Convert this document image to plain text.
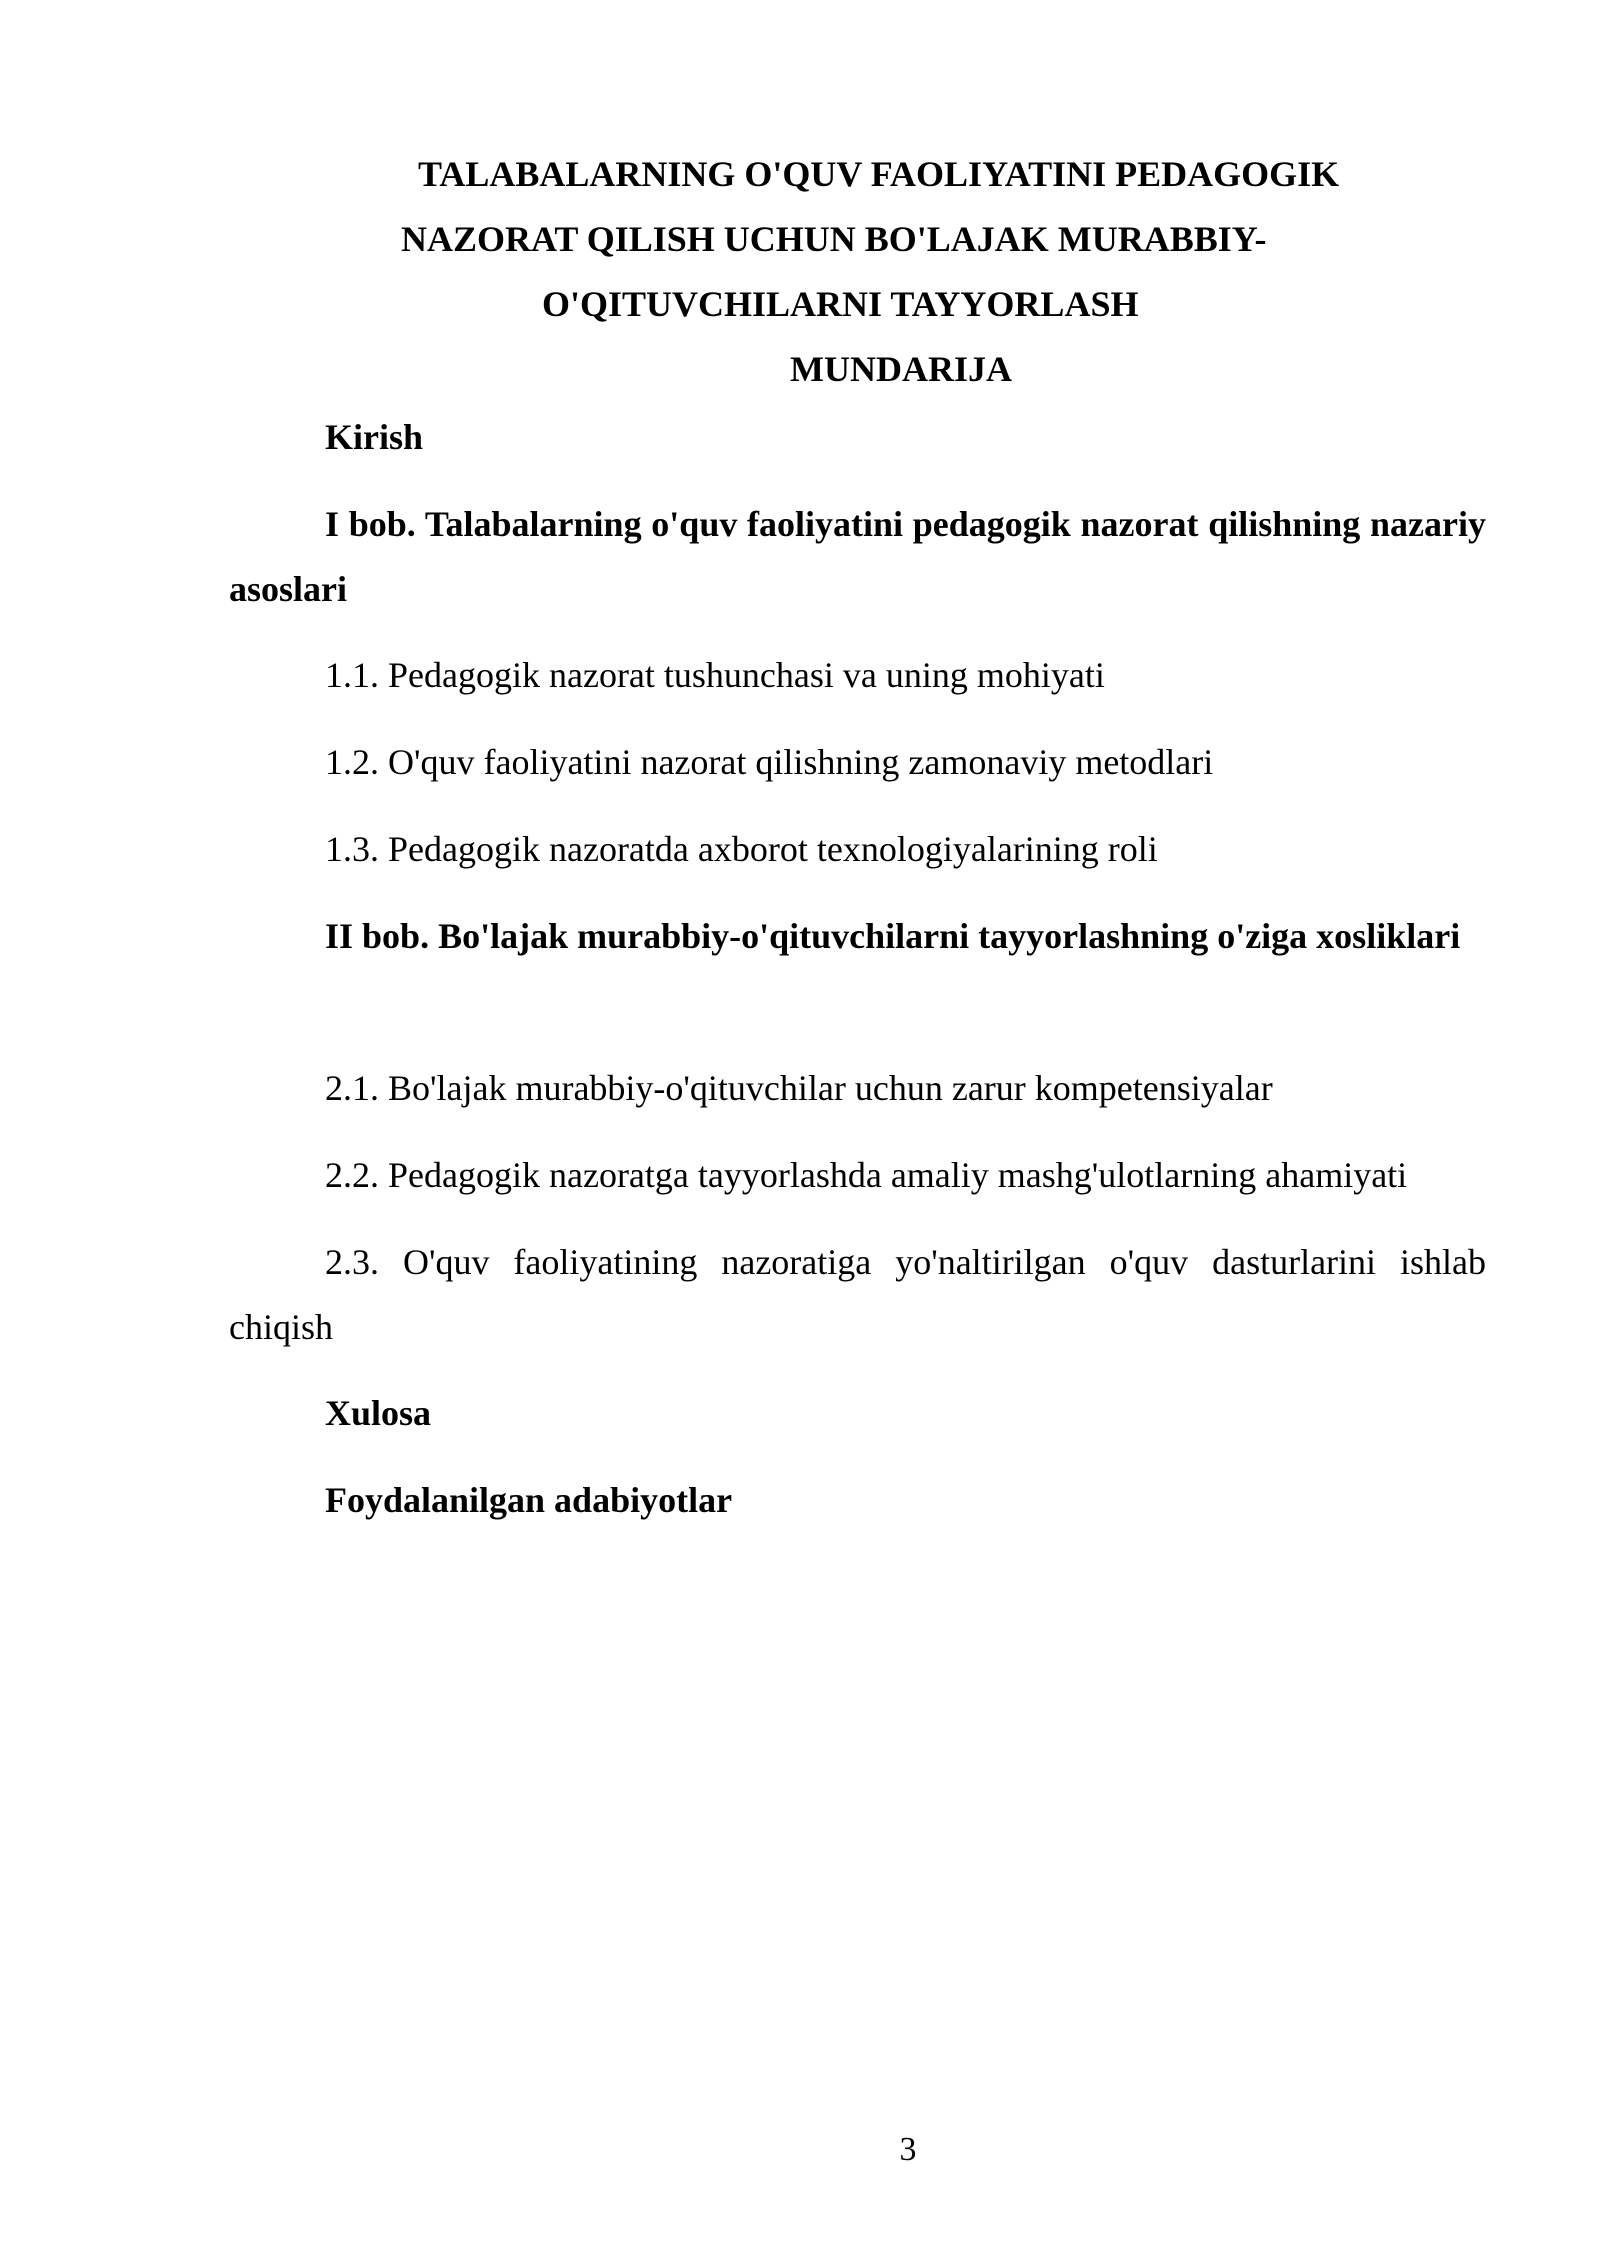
TALABALARNING O'QUV FAOLIYATINI PEDAGOGIK
NAZORAT QILISH UCHUN BO'LAJAK MURABBIY-
O'QITUVCHILARNI TAYYORLASH
MUNDARIJA
Kirish
I bob. Talabalarning o'quv faoliyatini pedagogik nazorat qilishning nazariy asoslari
1.1. Pedagogik nazorat tushunchasi va uning mohiyati
1.2. O'quv faoliyatini nazorat qilishning zamonaviy metodlari
1.3. Pedagogik nazoratda axborot texnologiyalarining roli
II bob. Bo'lajak murabbiy-o'qituvchilarni tayyorlashning o'ziga xosliklari
2.1. Bo'lajak murabbiy-o'qituvchilar uchun zarur kompetensiyalar
2.2. Pedagogik nazoratga tayyorlashda amaliy mashg'ulotlarning ahamiyati
2.3. O'quv faoliyatining nazoratiga yo'naltirilgan o'quv dasturlarini ishlab chiqish
Xulosa
Foydalanilgan adabiyotlar
3
